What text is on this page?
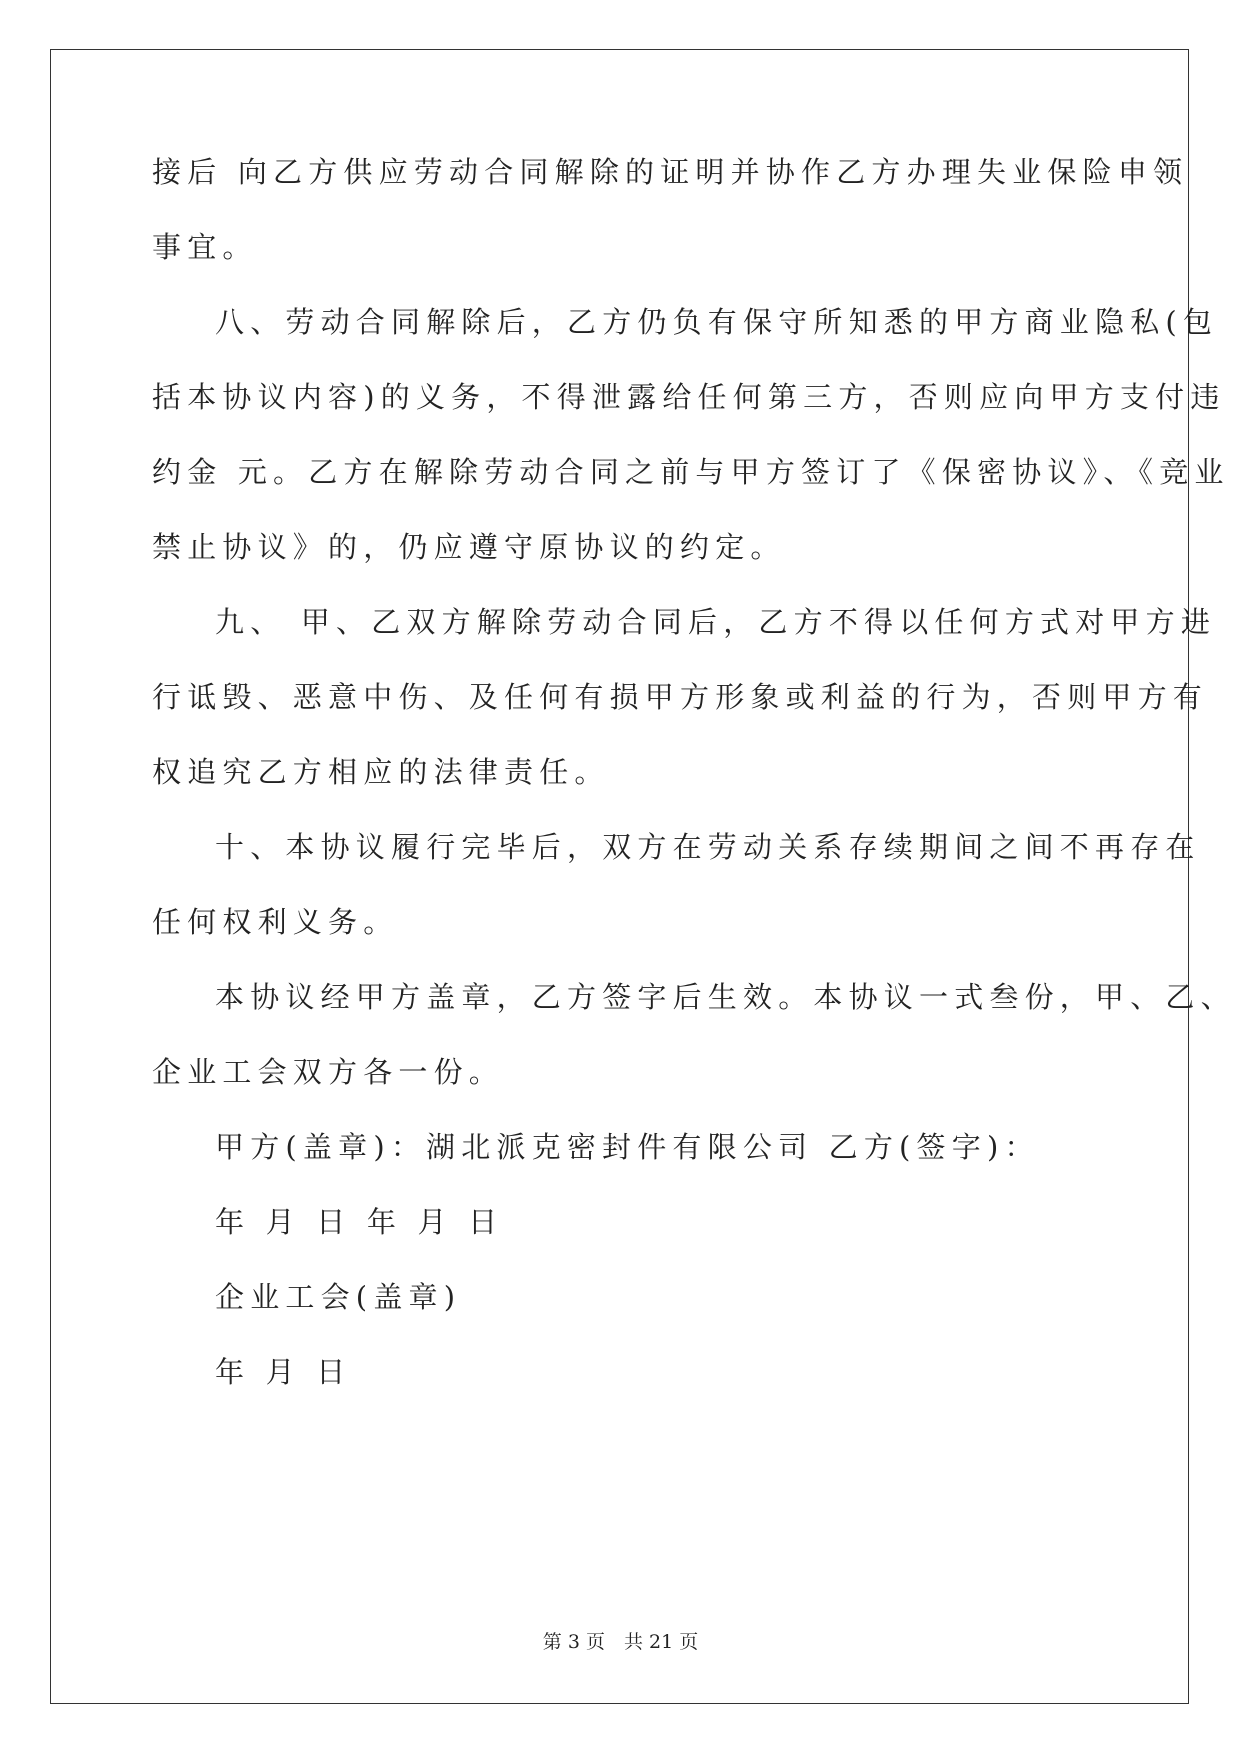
接后 向乙方供应劳动合同解除的证明并协作乙方办理失业保险申领
事宜。
八、劳动合同解除后，乙方仍负有保守所知悉的甲方商业隐私(包
括本协议内容)的义务，不得泄露给任何第三方，否则应向甲方支付违
约金 元。乙方在解除劳动合同之前与甲方签订了《保密协议》、《竞业
禁止协议》的，仍应遵守原协议的约定。
九、 甲、乙双方解除劳动合同后，乙方不得以任何方式对甲方进
行诋毁、恶意中伤、及任何有损甲方形象或利益的行为，否则甲方有
权追究乙方相应的法律责任。
十、本协议履行完毕后，双方在劳动关系存续期间之间不再存在
任何权利义务。
本协议经甲方盖章，乙方签字后生效。本协议一式叁份，甲、乙、
企业工会双方各一份。
甲方(盖章)：湖北派克密封件有限公司 乙方(签字)：
年 月 日 年 月 日
企业工会(盖章)
年 月 日
第 3 页　共 21 页
